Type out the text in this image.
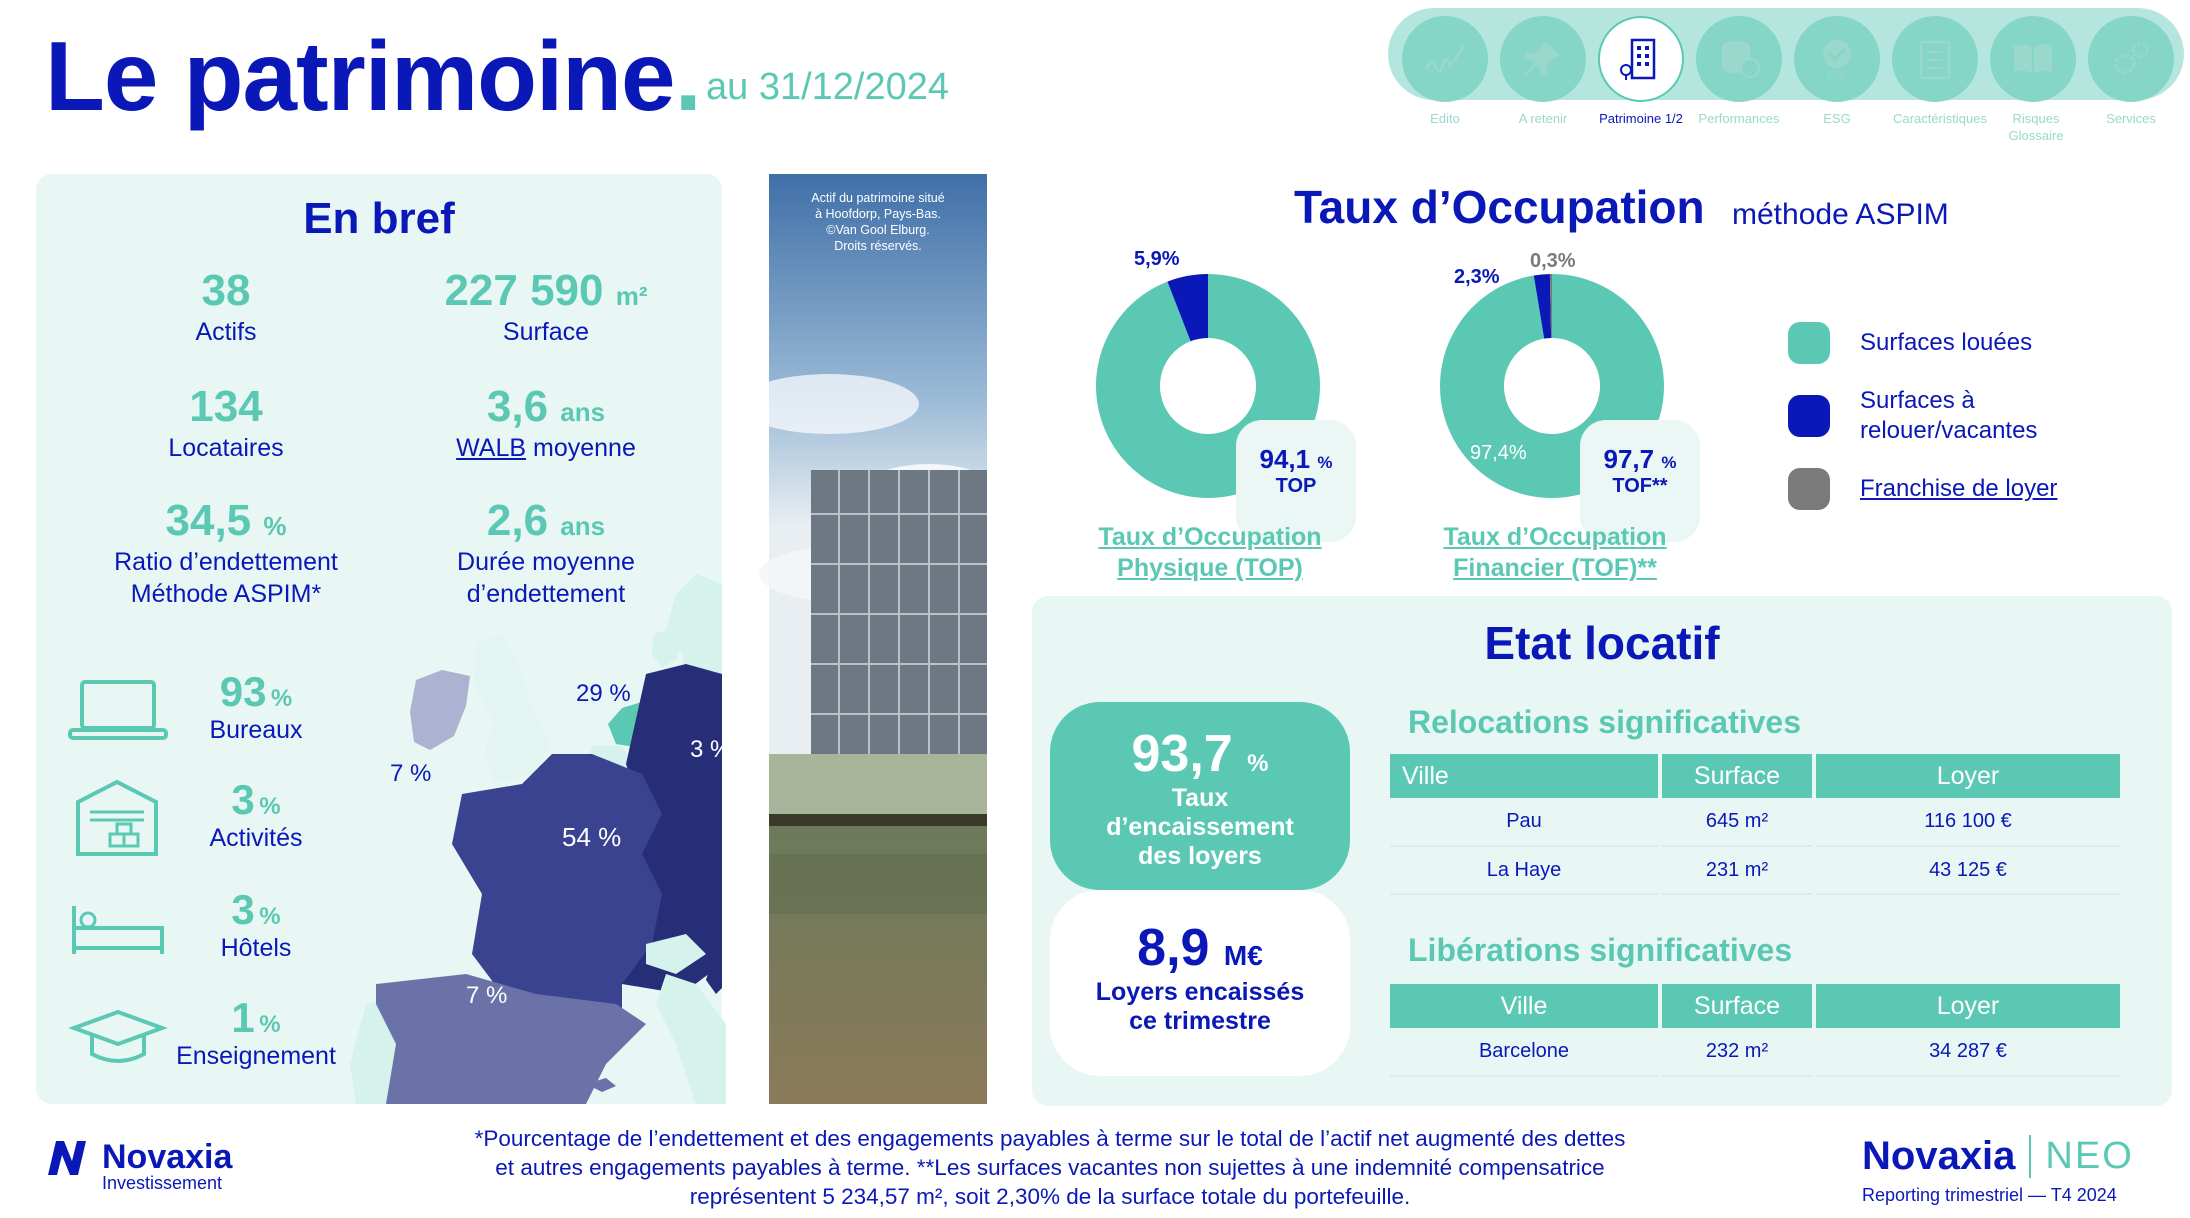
Le patrimoine. au 31/12/2024	ESG
Edito	A retenir	Patrimoine 1/2	Performances	ESG	Caractéristiques	Risques Glossaire
Services
En bref
38
Actifs
227 590 m²
Surface
134
Locataires
3,6 ans
WALB moyenne
34,5 %
Ratio d’endettement
Méthode ASPIM*
2,6 ans
Durée moyenne
d’endettement
93 %
Bureaux
3 %
Activités
3 %
Hôtels
1 %
Enseignement
7 %
29 %
3 %
54 %
7 %
Actif du patrimoine situé
à Hoofdorp, Pays-Bas.
©Van Gool Elburg.
Droits réservés.
Taux d’Occupation méthode ASPIM
5,9%
2,3%
0,3%
97,4%
94,1 %
TOP
97,7 %
TOF**
Taux d’Occupation Physique (TOP)
Taux d’Occupation Financier (TOF)**
Surfaces louées
Surfaces à relouer/vacantes
Franchise de loyer
Etat locatif
93,7 %
Taux
d’encaissement
des loyers
8,9 M€
Loyers encaissés
ce trimestre
Relocations significatives
Ville	Surface	Loyer
Pau	645 m²	116 100 €
La Haye	231 m²	43 125 €
Libérations significatives
Ville	Surface	Loyer
Barcelone	232 m²	34 287 €
*Pourcentage de l’endettement et des engagements payables à terme sur le total de l’actif net augmenté des dettes
et autres engagements payables à terme. **Les surfaces vacantes non sujettes à une indemnité compensatrice
représentent 5 234,57 m², soit 2,30% de la surface totale du portefeuille.
Novaxia
Investissement
Novaxia NEO
Reporting trimestriel — T4 2024
